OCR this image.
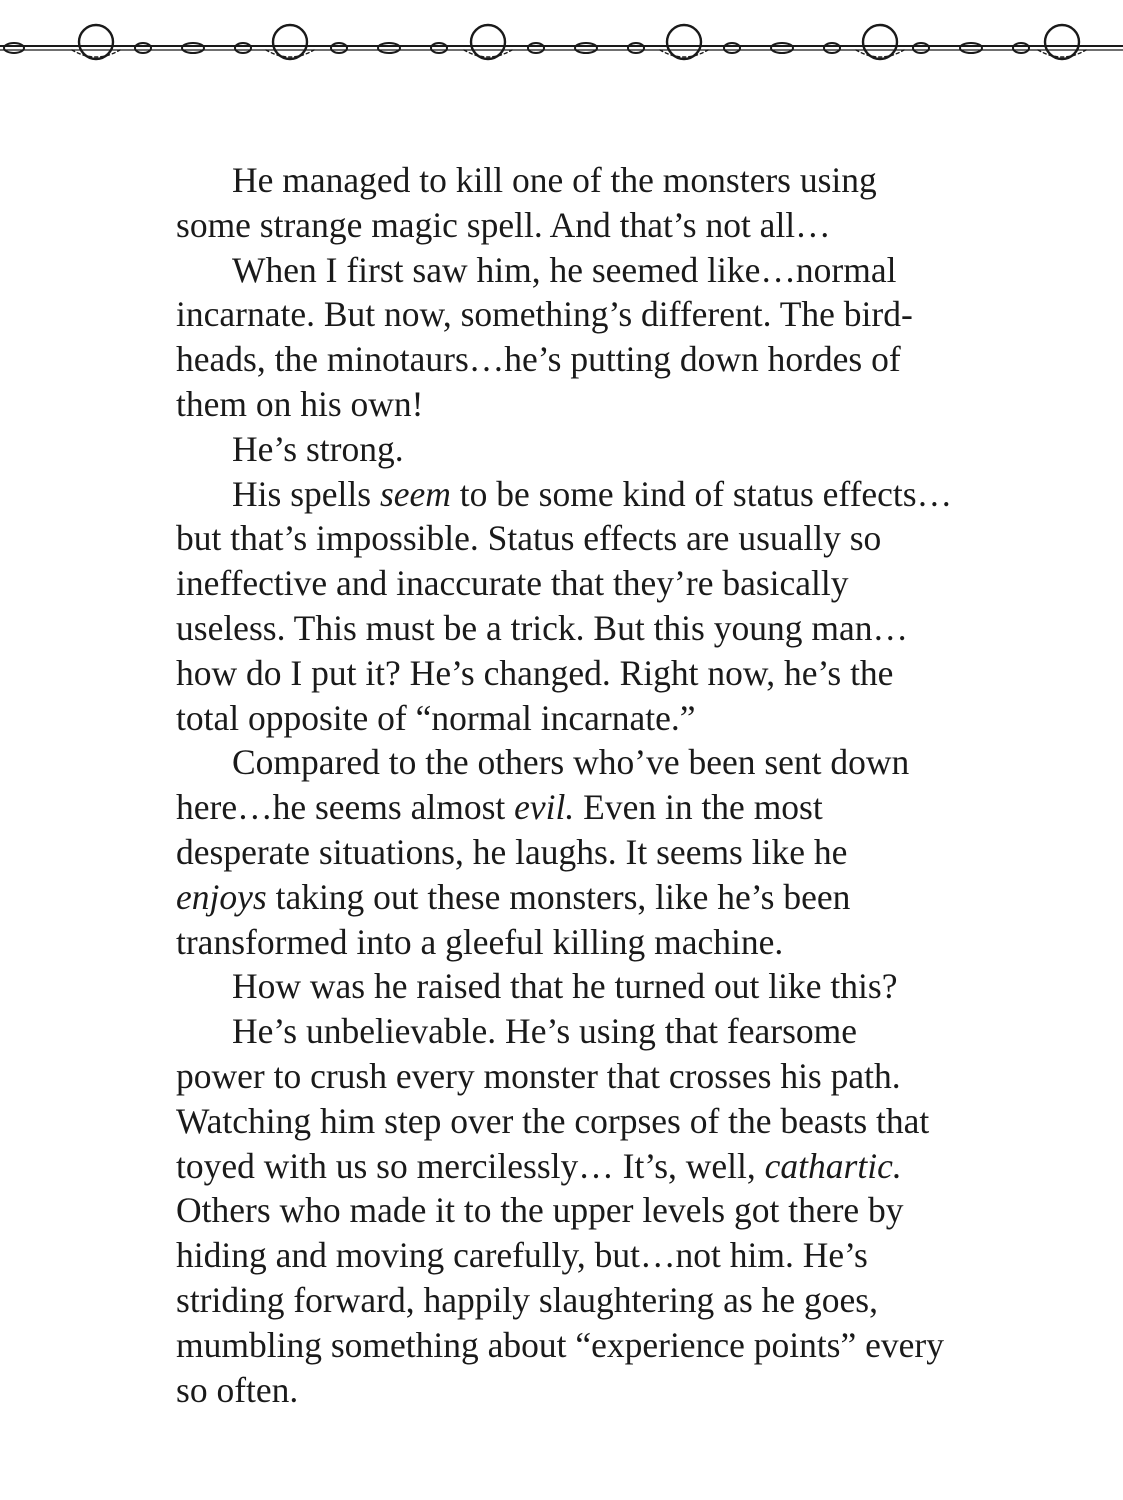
He managed to kill one of the monsters using
some strange magic spell. And that’s not all…
When I first saw him, he seemed like…normal
incarnate. But now, something’s different. The bird-
heads, the minotaurs…he’s putting down hordes of
them on his own!
He’s strong.
His spells seem to be some kind of status effects…
but that’s impossible. Status effects are usually so
ineffective and inaccurate that they’re basically
useless. This must be a trick. But this young man…
how do I put it? He’s changed. Right now, he’s the
total opposite of “normal incarnate.”
Compared to the others who’ve been sent down
here…he seems almost evil. Even in the most
desperate situations, he laughs. It seems like he
enjoys taking out these monsters, like he’s been
transformed into a gleeful killing machine.
How was he raised that he turned out like this?
He’s unbelievable. He’s using that fearsome
power to crush every monster that crosses his path.
Watching him step over the corpses of the beasts that
toyed with us so mercilessly… It’s, well, cathartic.
Others who made it to the upper levels got there by
hiding and moving carefully, but…not him. He’s
striding forward, happily slaughtering as he goes,
mumbling something about “experience points” every
so often.
